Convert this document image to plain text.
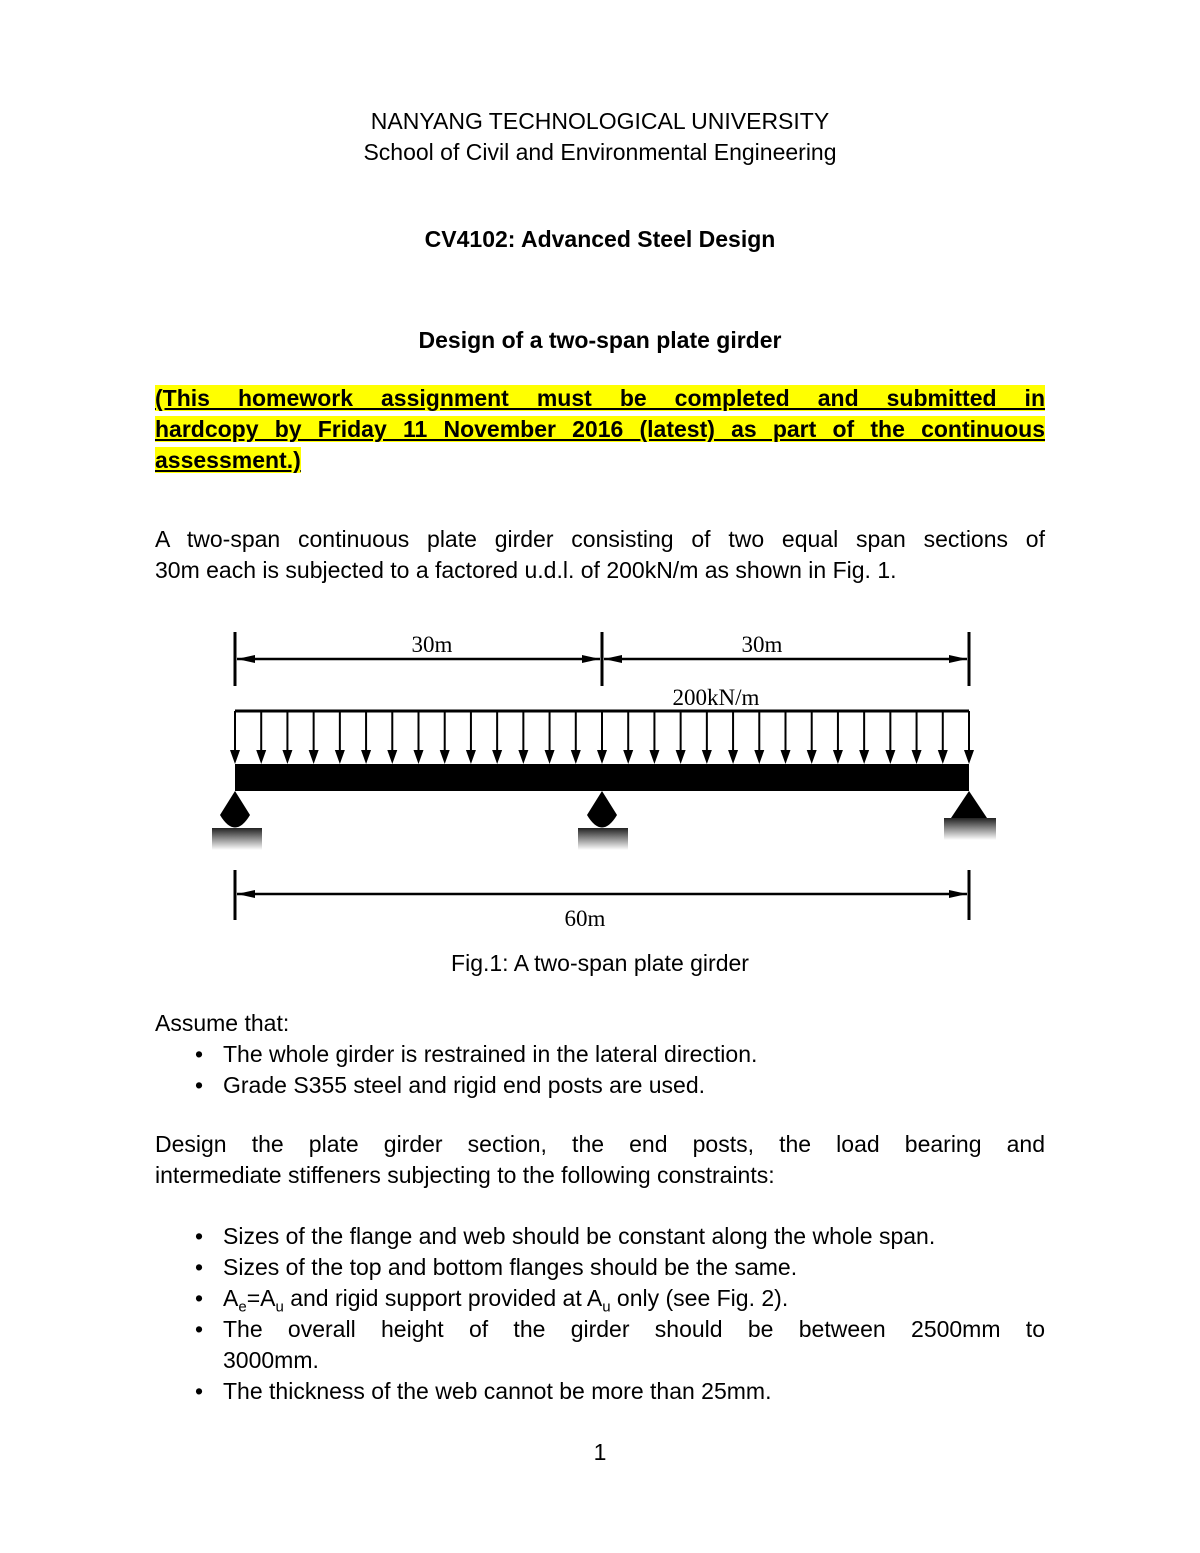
NANYANG TECHNOLOGICAL UNIVERSITY
School of Civil and Environmental Engineering
CV4102: Advanced Steel Design
Design of a two-span plate girder
(This homework assignment must be completed and submitted in
hardcopy by Friday 11 November 2016 (latest) as part of the continuous
assessment.)
A two-span continuous plate girder consisting of two equal span sections of
30m each is subjected to a factored u.d.l. of 200kN/m as shown in Fig. 1.
30m	30m
200kN/m
60m
Fig.1: A two-span plate girder
Assume that:
• The whole girder is restrained in the lateral direction.
• Grade S355 steel and rigid end posts are used.
Design the plate girder section, the end posts, the load bearing and
intermediate stiffeners subjecting to the following constraints:
• Sizes of the flange and web should be constant along the whole span.
• Sizes of the top and bottom flanges should be the same.
• $A_e=A_u$ and rigid support provided at $A_u$ only (see Fig. 2).
• The overall height of the girder should be between 2500mm to
3000mm.
• The thickness of the web cannot be more than 25mm.
1
